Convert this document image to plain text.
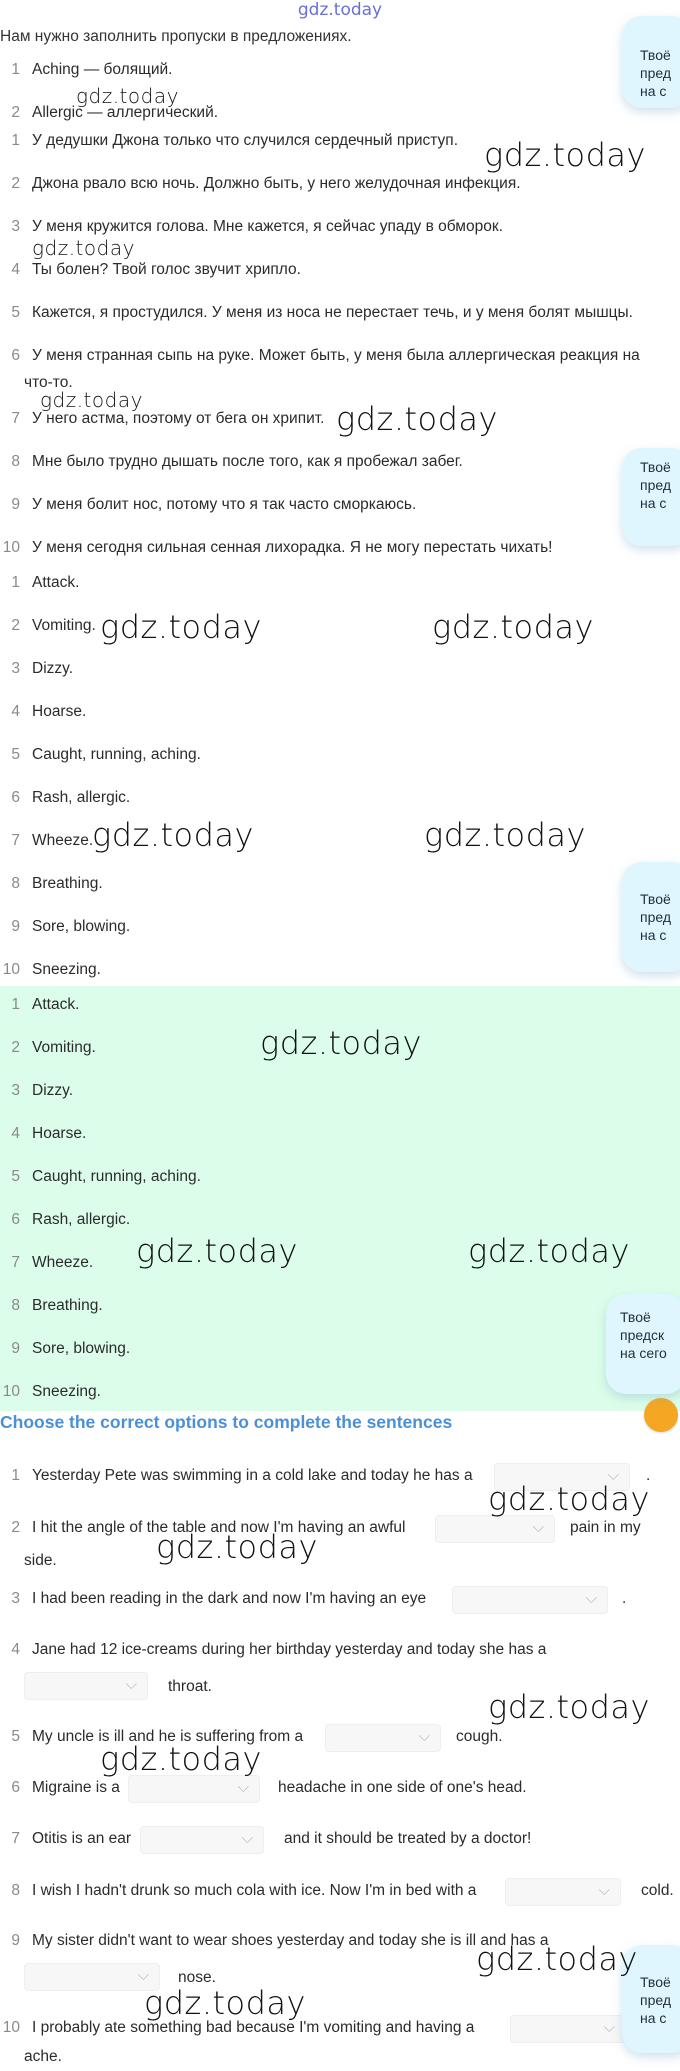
gdz.today
Нам нужно заполнить пропуски в предложениях.
1 Aching — болящий.
2 Allergic — аллергический.
1 У дедушки Джона только что случился сердечный приступ.
2 Джона рвало всю ночь. Должно быть, у него желудочная инфекция.
3 У меня кружится голова. Мне кажется, я сейчас упаду в обморок.
4 Ты болен? Твой голос звучит хрипло.
5 Кажется, я простудился. У меня из носа не перестает течь, и у меня болят мышцы.
6 У меня странная сыпь на руке. Может быть, у меня была аллергическая реакция на
что-то.
7 У него астма, поэтому от бега он хрипит.
8 Мне было трудно дышать после того, как я пробежал забег.
9 У меня болит нос, потому что я так часто сморкаюсь.
10 У меня сегодня сильная сенная лихорадка. Я не могу перестать чихать!
1 Attack.
2 Vomiting.
3 Dizzy.
4 Hoarse.
5 Caught, running, aching.
6 Rash, allergic.
7 Wheeze.
8 Breathing.
9 Sore, blowing.
10 Sneezing.
1 Attack.
2 Vomiting.
3 Dizzy.
4 Hoarse.
5 Caught, running, aching.
6 Rash, allergic.
7 Wheeze.
8 Breathing.
9 Sore, blowing.
10 Sneezing.
Choose the correct options to complete the sentences
1 Yesterday Pete was swimming in a cold lake and today he has a	⌵ .
2 I hit the angle of the table and now I'm having an awful	⌵ pain in my
side.
3 I had been reading in the dark and now I'm having an eye	⌵ .
4 Jane had 12 ice-creams during her birthday yesterday and today she has a
⌵ throat.
5 My uncle is ill and he is suffering from a	⌵ cough.
6 Migraine is a	⌵ headache in one side of one's head.
7 Otitis is an ear	⌵ and it should be treated by a doctor!
8 I wish I hadn't drunk so much cola with ice. Now I'm in bed with a	⌵ cold.
9 My sister didn't want to wear shoes yesterday and today she is ill and has a
⌵ nose.
10 I probably ate something bad because I'm vomiting and having a	⌵
ache.
Твоё
пред
на с
Твоё
пред
на с
Твоё
пред
на с
Твоё
предск
на сего
Твоё
пред
на с
gdz.today
gdz.today
gdz.today
gdz.today	gdz.today
gdz.today	gdz.today
gdz.today	gdz.today
gdz.today
gdz.today	gdz.today
gdz.today
gdz.today
gdz.today
gdz.today
gdz.today
gdz.today
